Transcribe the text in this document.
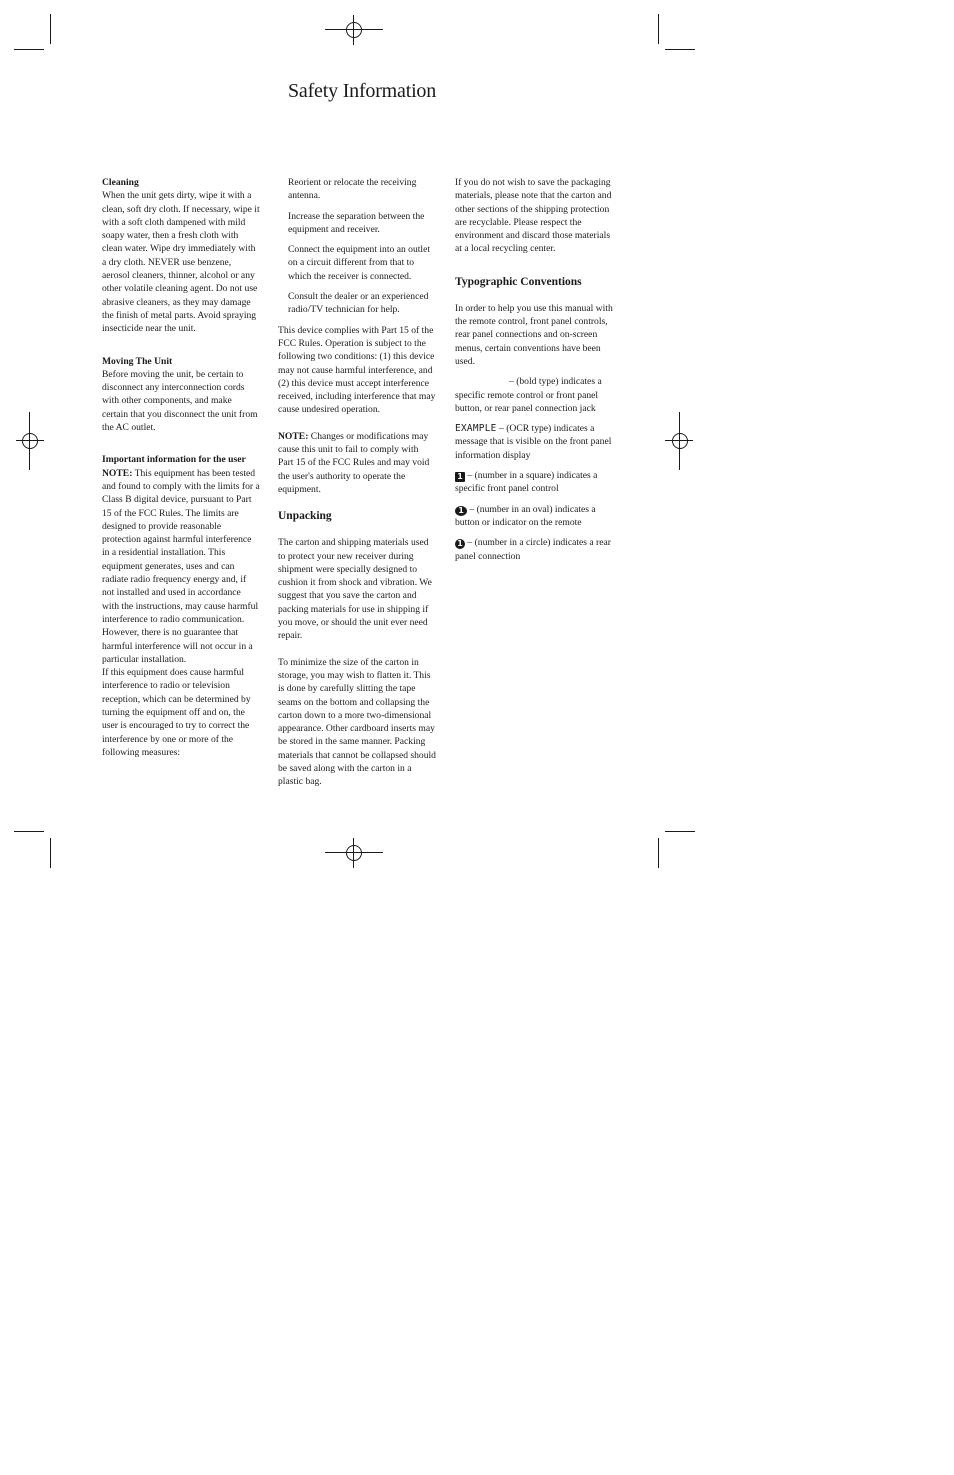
Safety Information

Cleaning

When the unit gets dirty, wipe it with a clean, soft dry cloth. If necessary, wipe it with a soft cloth dampened with mild soapy water, then a fresh cloth with clean water. Wipe dry immediately with a dry cloth. NEVER use benzene, aerosol cleaners, thinner, alcohol or any other volatile cleaning agent. Do not use abrasive cleaners, as they may damage the finish of metal parts. Avoid spraying insecticide near the unit.

Moving The Unit

Before moving the unit, be certain to disconnect any interconnection cords with other components, and make certain that you disconnect the unit from the AC outlet.

Important information for the user

NOTE: This equipment has been tested and found to comply with the limits for a Class B digital device, pursuant to Part 15 of the FCC Rules. The limits are designed to provide reasonable protection against harmful interference in a residential installation. This equipment generates, uses and can radiate radio frequency energy and, if not installed and used in accordance with the instructions, may cause harmful interference to radio communication. However, there is no guarantee that harmful interference will not occur in a particular installation.

If this equipment does cause harmful interference to radio or television reception, which can be determined by turning the equipment off and on, the user is encouraged to try to correct the interference by one or more of the following measures:

Reorient or relocate the receiving antenna.

Increase the separation between the equipment and receiver.

Connect the equipment into an outlet on a circuit different from that to which the receiver is connected.

Consult the dealer or an experienced radio/TV technician for help.

This device complies with Part 15 of the FCC Rules. Operation is subject to the following two conditions: (1) this device may not cause harmful interference, and (2) this device must accept interference received, including interference that may cause undesired operation.

NOTE: Changes or modifications may cause this unit to fail to comply with Part 15 of the FCC Rules and may void the user's authority to operate the equipment.

Unpacking

The carton and shipping materials used to protect your new receiver during shipment were specially designed to cushion it from shock and vibration. We suggest that you save the carton and packing materials for use in shipping if you move, or should the unit ever need repair.

To minimize the size of the carton in storage, you may wish to flatten it. This is done by carefully slitting the tape seams on the bottom and collapsing the carton down to a more two-dimensional appearance. Other cardboard inserts may be stored in the same manner. Packing materials that cannot be collapsed should be saved along with the carton in a plastic bag.

If you do not wish to save the packaging materials, please note that the carton and other sections of the shipping protection are recyclable. Please respect the environment and discard those materials at a local recycling center.

Typographic Conventions

In order to help you use this manual with the remote control, front panel controls, rear panel connections and on-screen menus, certain conventions have been used.

– (bold type) indicates a specific remote control or front panel button, or rear panel connection jack

EXAMPLE – (OCR type) indicates a message that is visible on the front panel information display

1 – (number in a square) indicates a specific front panel control

1 – (number in an oval) indicates a button or indicator on the remote

1 – (number in a circle) indicates a rear panel connection
